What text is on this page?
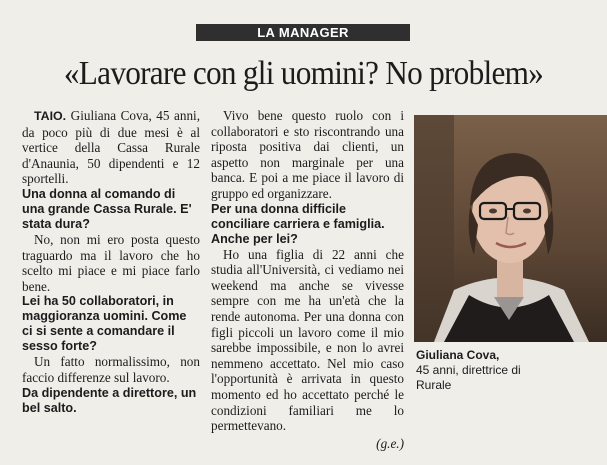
LA MANAGER
«Lavorare con gli uomini? No problem»

TAIO. Giuliana Cova, 45 anni, da poco più di due mesi è al vertice della Cassa Rurale d'Anaunia, 50 dipendenti e 12 sportelli.

Una donna al comando di una grande Cassa Rurale. E' stata dura?

No, non mi ero posta questo traguardo ma il lavoro che ho scelto mi piace e mi piace farlo bene.

Lei ha 50 collaboratori, in maggioranza uomini. Come ci si sente a comandare il sesso forte?

Un fatto normalissimo, non faccio differenze sul lavoro.

Da dipendente a direttore, un bel salto.

Vivo bene questo ruolo con i collaboratori e sto riscontrando una riposta positiva dai clienti, un aspetto non marginale per una banca. E poi a me piace il lavoro di gruppo ed organizzare.

Per una donna difficile conciliare carriera e famiglia. Anche per lei?

Ho una figlia di 22 anni che studia all'Università, ci vediamo nei weekend ma anche se vivesse sempre con me ha un'età che la rende autonoma. Per una donna con figli piccoli un lavoro come il mio sarebbe impossibile, e non lo avrei nemmeno accettato. Nel mio caso l'opportunità è arrivata in questo momento ed ho accettato perché le condizioni familiari me lo permettevano.

(g.e.)

Giuliana Cova,
45 anni, direttrice di Rurale
